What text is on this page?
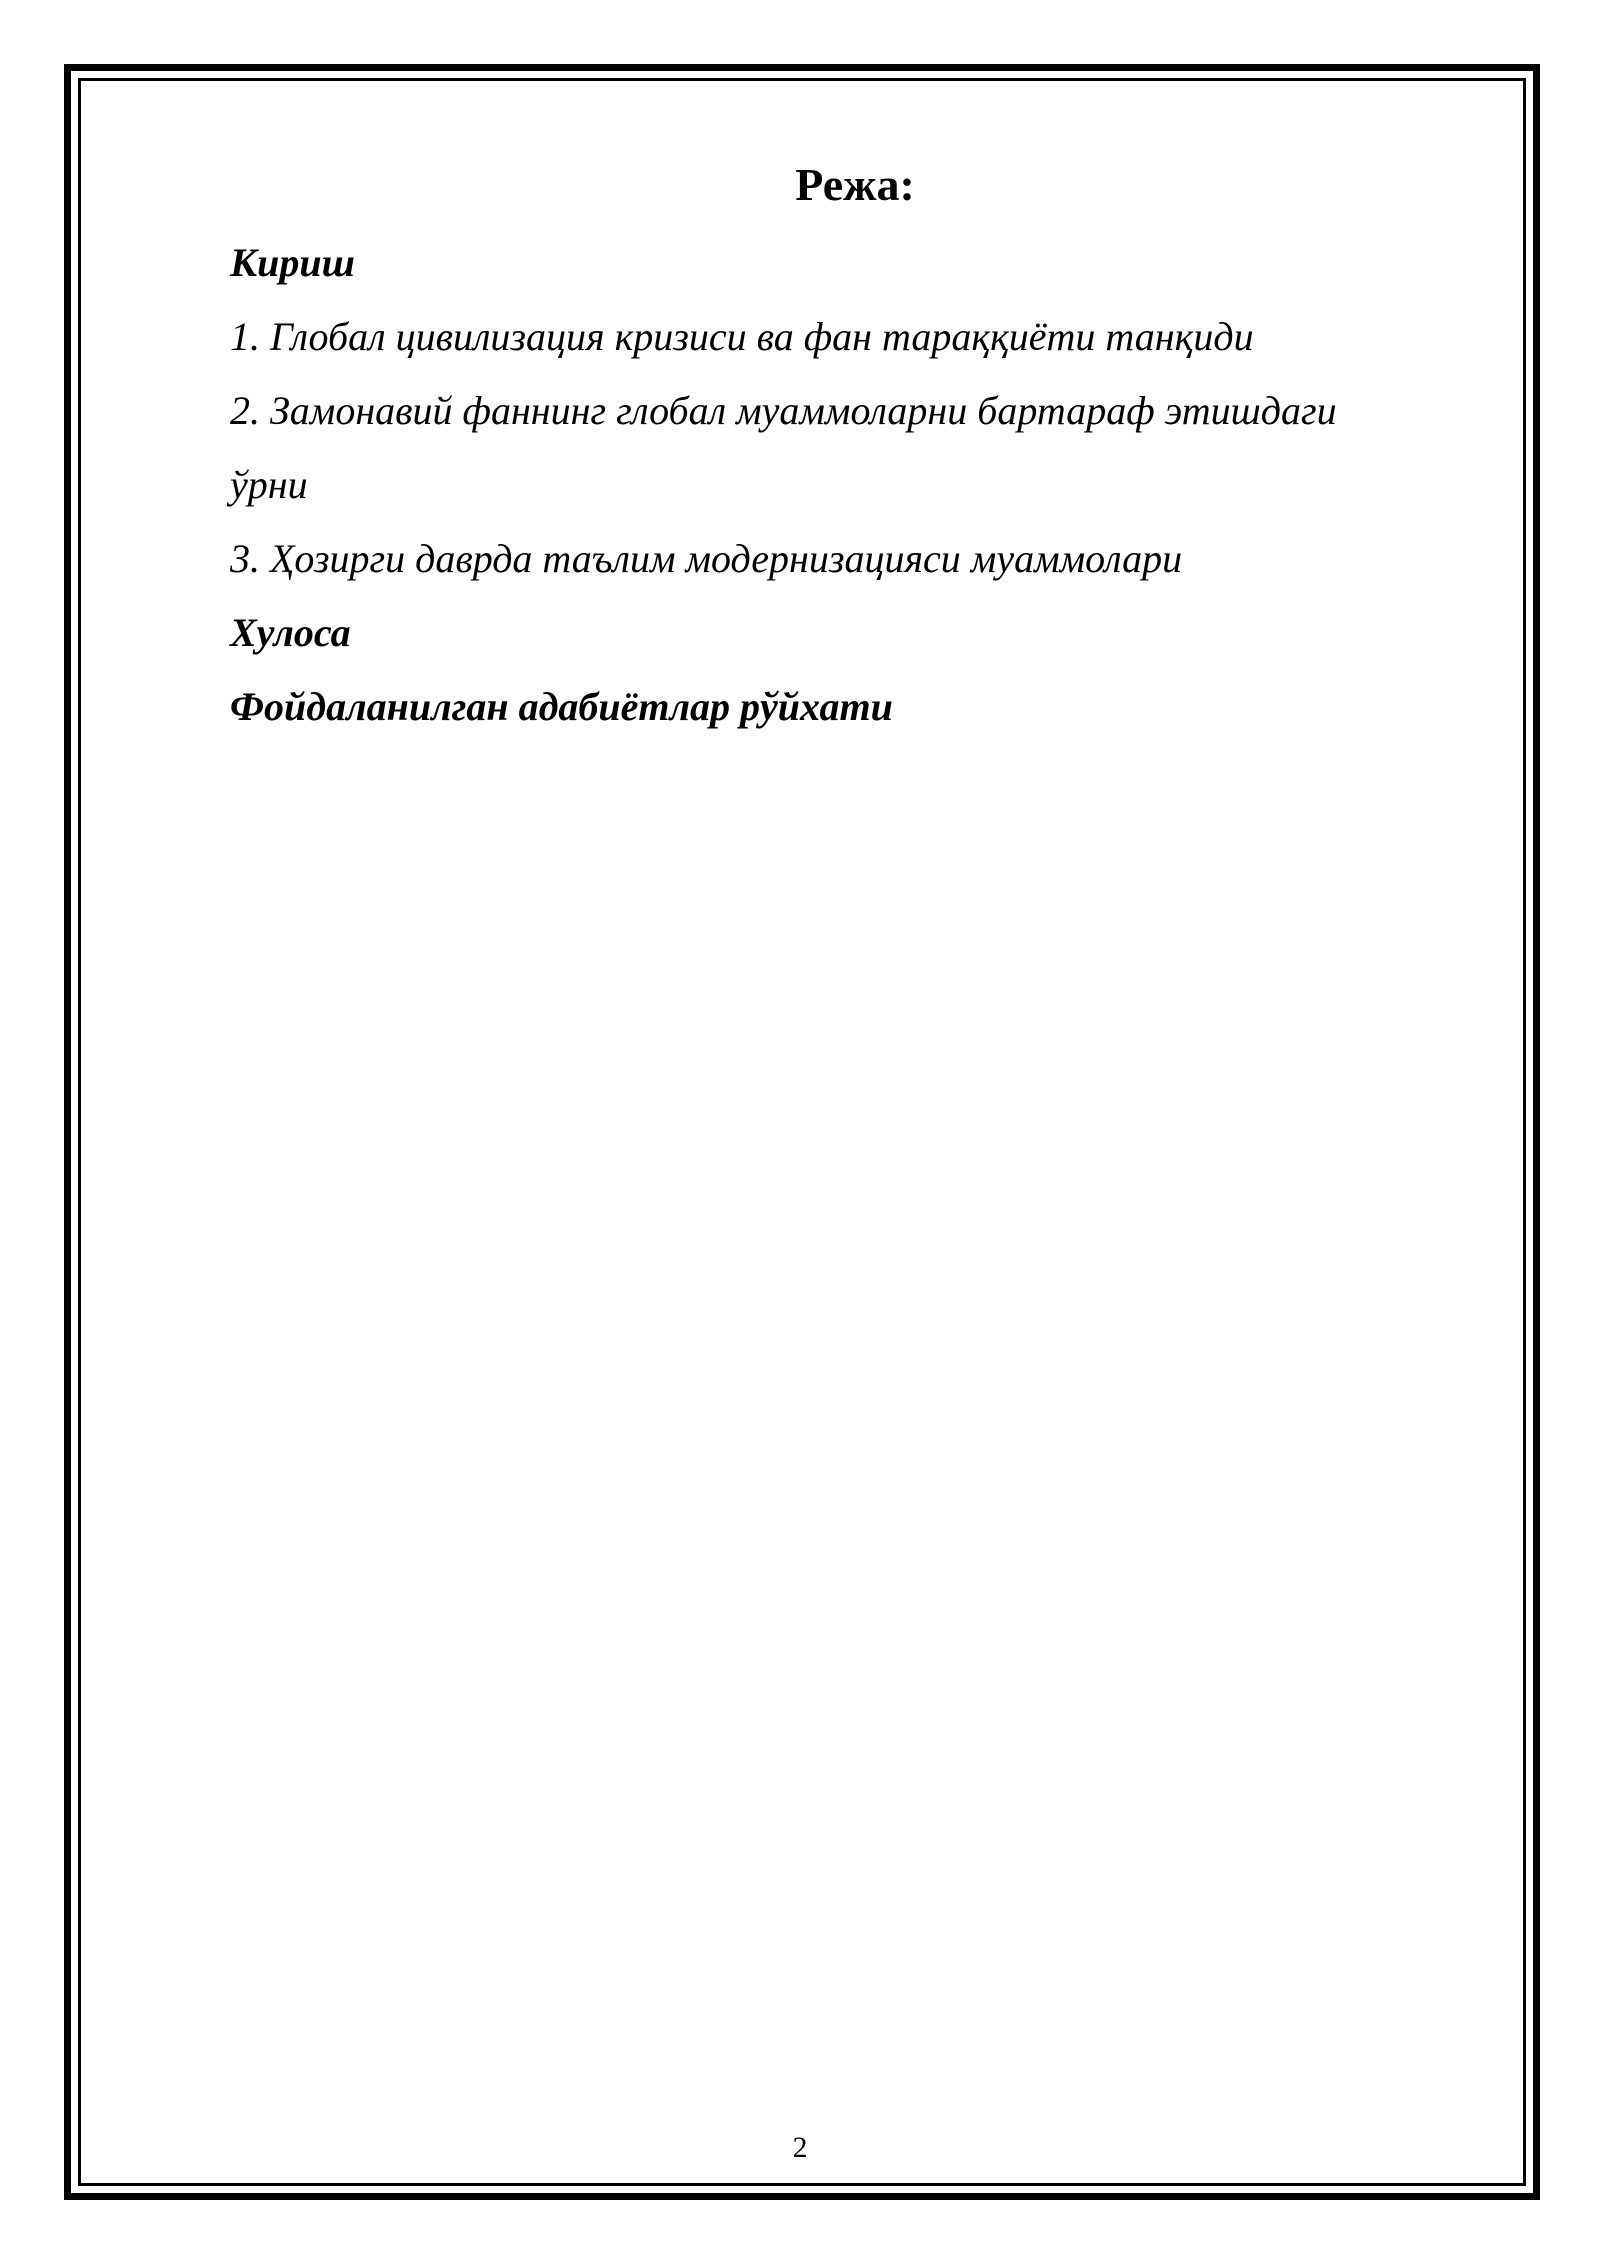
Режа:
Кириш
1. Глобал цивилизация кризиси ва фан тараққиёти танқиди
2. Замонавий фаннинг глобал муаммоларни бартараф этишдаги
ўрни
3. Ҳозирги даврда таълим модернизацияси муаммолари
Хулоса
Фойдаланилган адабиётлар рўйхати
2
